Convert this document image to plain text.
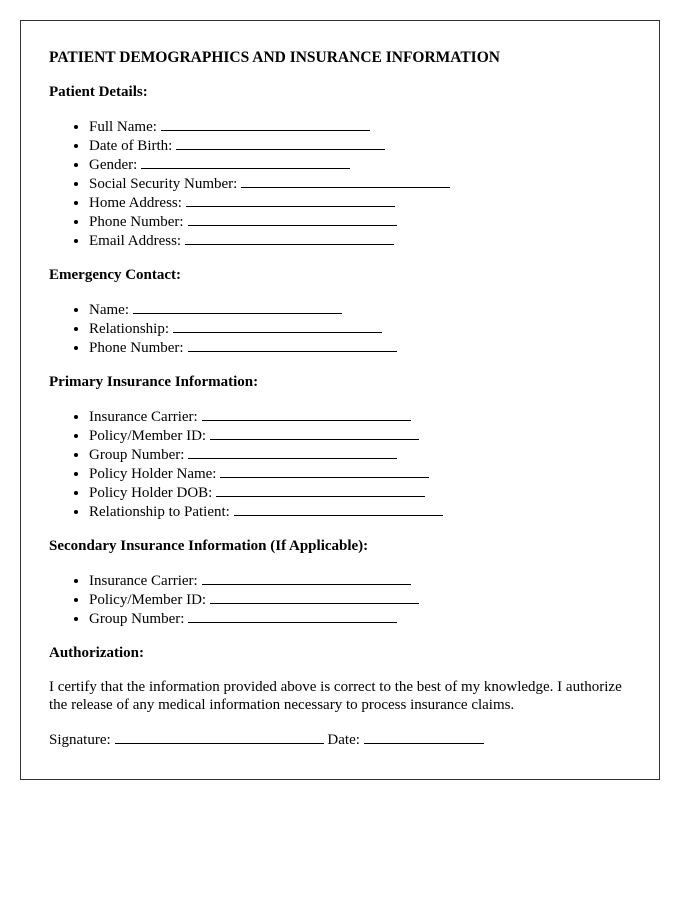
PATIENT DEMOGRAPHICS AND INSURANCE INFORMATION
Patient Details:
• Full Name:
• Date of Birth:
• Gender:
• Social Security Number:
• Home Address:
• Phone Number:
• Email Address:
Emergency Contact:
• Name:
• Relationship:
• Phone Number:
Primary Insurance Information:
• Insurance Carrier:
• Policy/Member ID:
• Group Number:
• Policy Holder Name:
• Policy Holder DOB:
• Relationship to Patient:
Secondary Insurance Information (If Applicable):
• Insurance Carrier:
• Policy/Member ID:
• Group Number:
Authorization:

I certify that the information provided above is correct to the best of my knowledge. I authorize the release of any medical information necessary to process insurance claims.

Signature:	Date:
